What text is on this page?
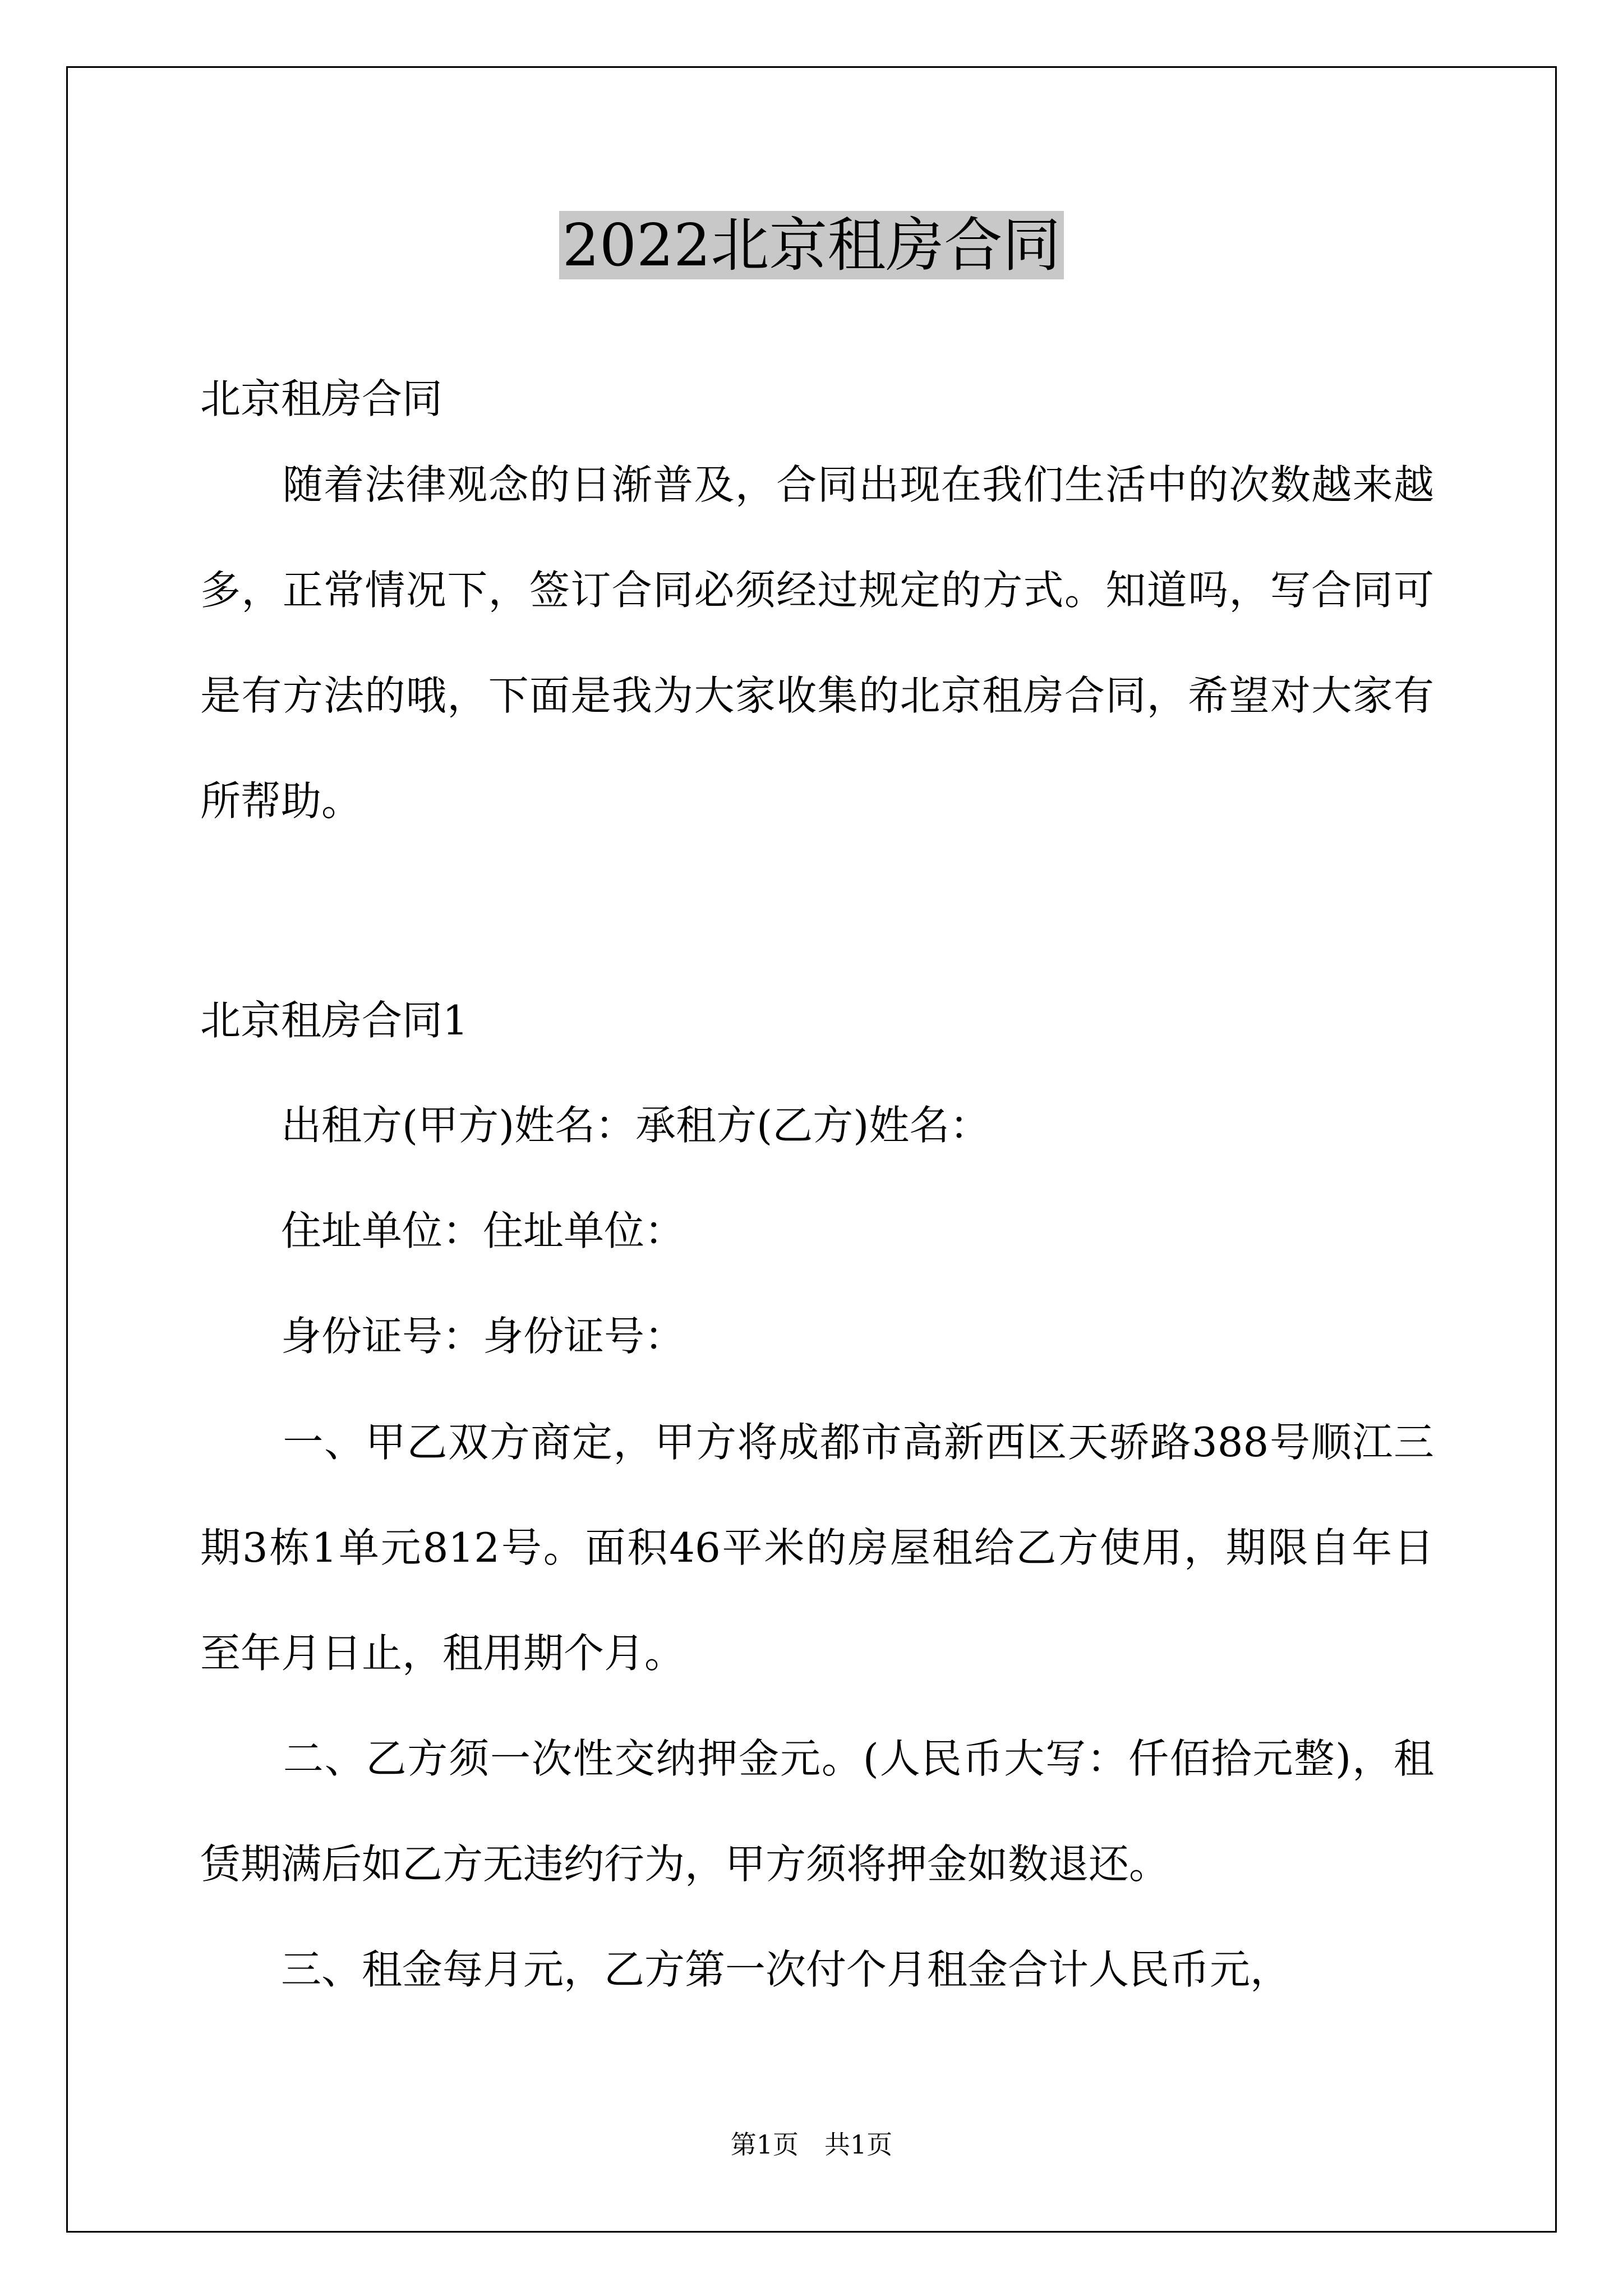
2022北京租房合同

北京租房合同

　　随着法律观念的日渐普及，合同出现在我们生活中的次数越来越
多，正常情况下，签订合同必须经过规定的方式。知道吗，写合同可
是有方法的哦，下面是我为大家收集的北京租房合同，希望对大家有
所帮助。

北京租房合同1

　　出租方(甲方)姓名：承租方(乙方)姓名：

　　住址单位：住址单位：

　　身份证号：身份证号：

　　一、甲乙双方商定，甲方将成都市高新西区天骄路388号顺江三
期3栋1单元812号。面积46平米的房屋租给乙方使用，期限自年日
至年月日止，租用期个月。
　　二、乙方须一次性交纳押金元。(人民币大写：仟佰拾元整)，租
赁期满后如乙方无违约行为，甲方须将押金如数退还。
　　三、租金每月元，乙方第一次付个月租金合计人民币元，
第1页　共1页
